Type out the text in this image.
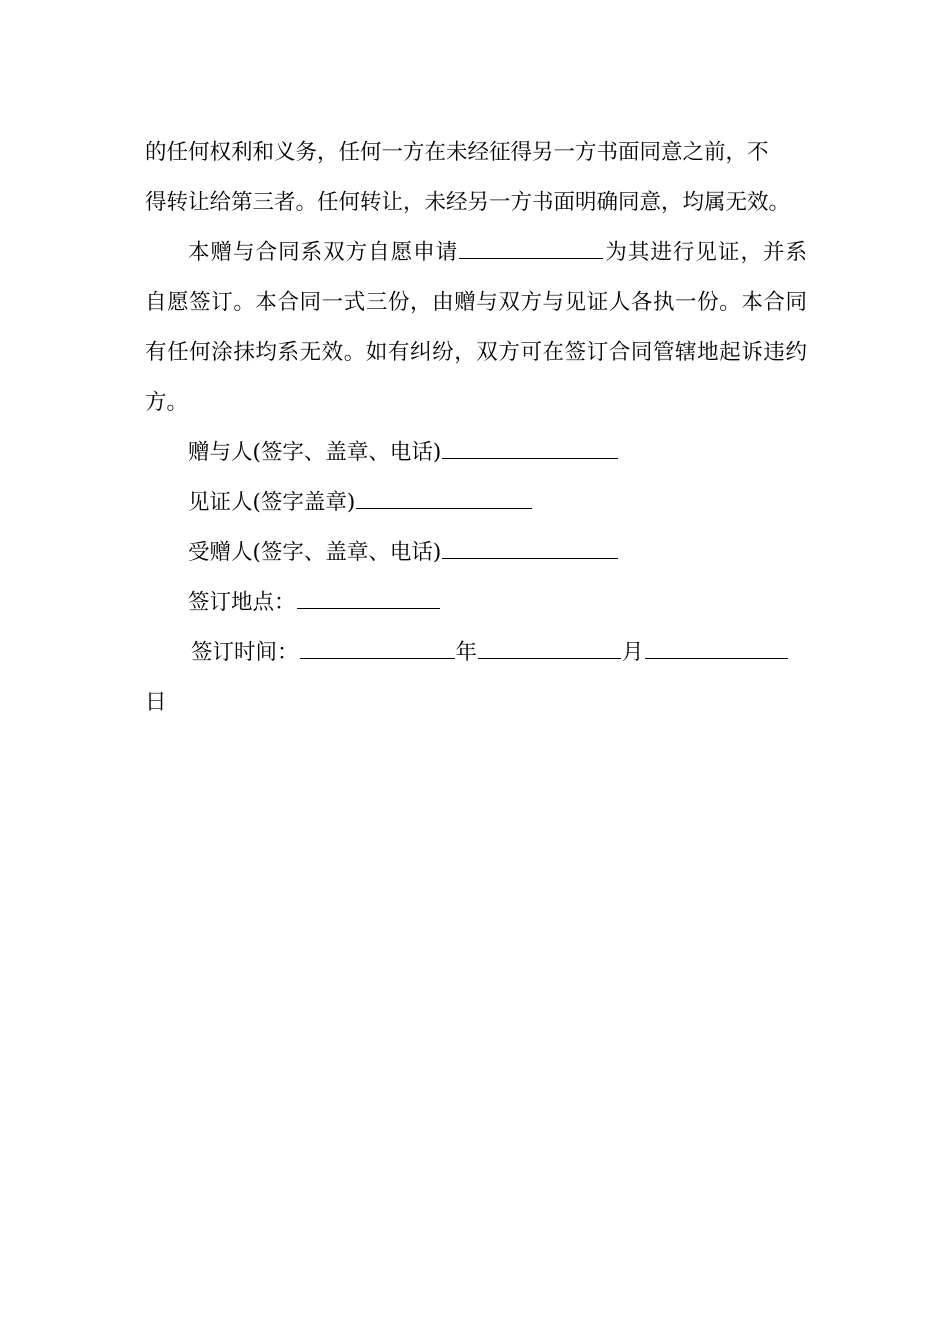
的任何权利和义务，任何一方在未经征得另一方书面同意之前，不
得转让给第三者。任何转让，未经另一方书面明确同意，均属无效。

本赠与合同系双方自愿申请	为其进行见证，并系自愿签订。本合同一式三份，由赠与双方与见证人各执一份。本合同有任何涂抹均系无效。如有纠纷，双方可在签订合同管辖地起诉违约方。

赠与人(签字、盖章、电话)

见证人(签字盖章)

受赠人(签字、盖章、电话)

签订地点：

签订时间：	年	月

日
